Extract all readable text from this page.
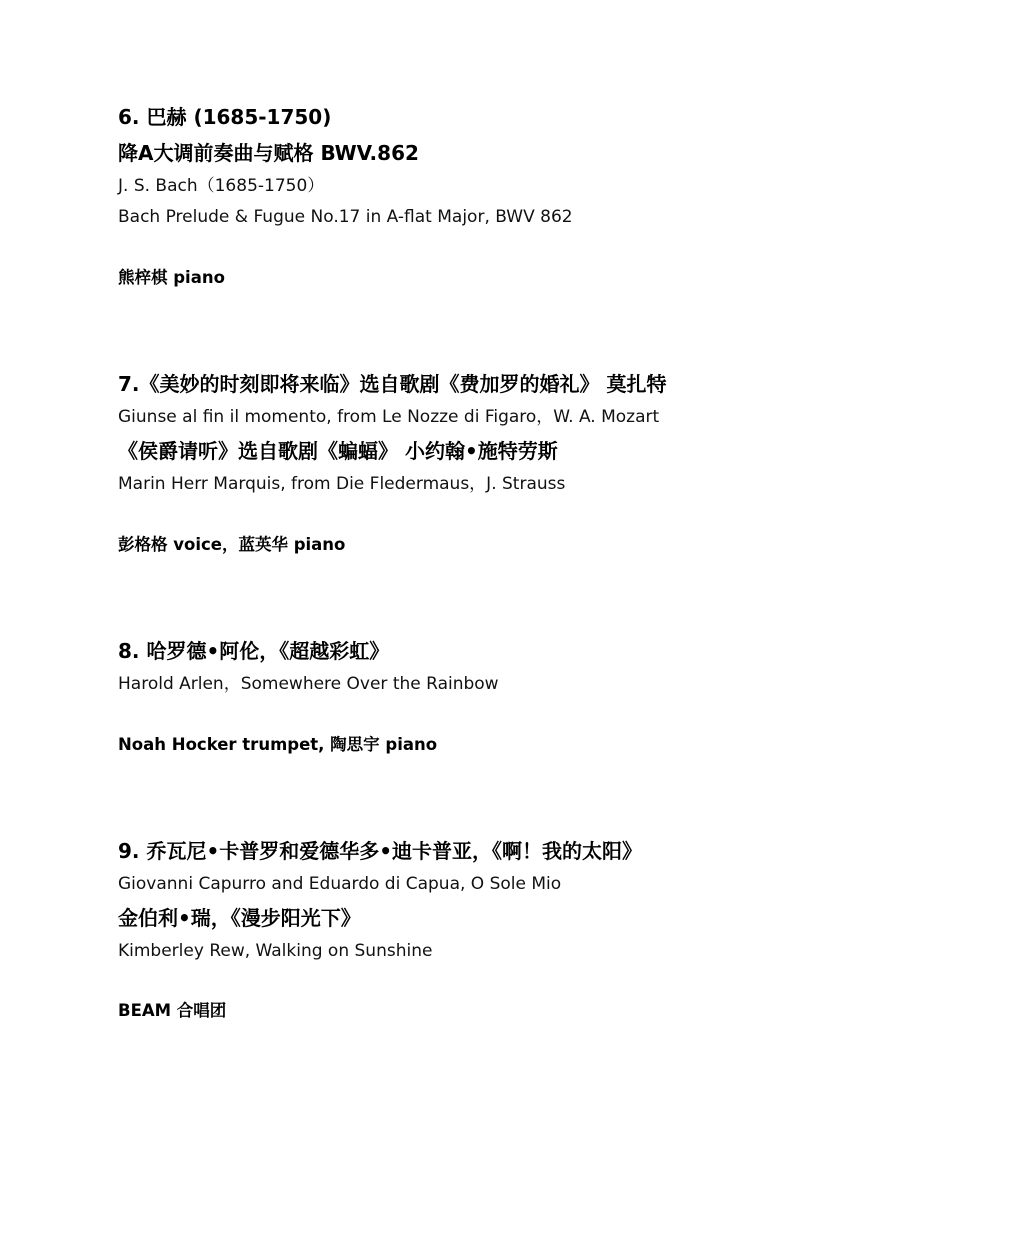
6. 巴赫 (1685-1750)
降A大调前奏曲与赋格 BWV.862
J. S. Bach（1685-1750）
Bach Prelude & Fugue No.17 in A-flat Major, BWV 862
熊梓棋 piano
7.《美妙的时刻即将来临》选自歌剧《费加罗的婚礼》 莫扎特
Giunse al fin il momento, from Le Nozze di Figaro，W. A. Mozart
《侯爵请听》选自歌剧《蝙蝠》 小约翰•施特劳斯
Marin Herr Marquis, from Die Fledermaus，J. Strauss
彭格格 voice，蓝英华 piano
8. 哈罗德•阿伦，《超越彩虹》
Harold Arlen，Somewhere Over the Rainbow
Noah Hocker trumpet, 陶思宇 piano
9. 乔瓦尼•卡普罗和爱德华多•迪卡普亚，《啊！我的太阳》
Giovanni Capurro and Eduardo di Capua, O Sole Mio
金伯利•瑞，《漫步阳光下》
Kimberley Rew, Walking on Sunshine
BEAM 合唱团
